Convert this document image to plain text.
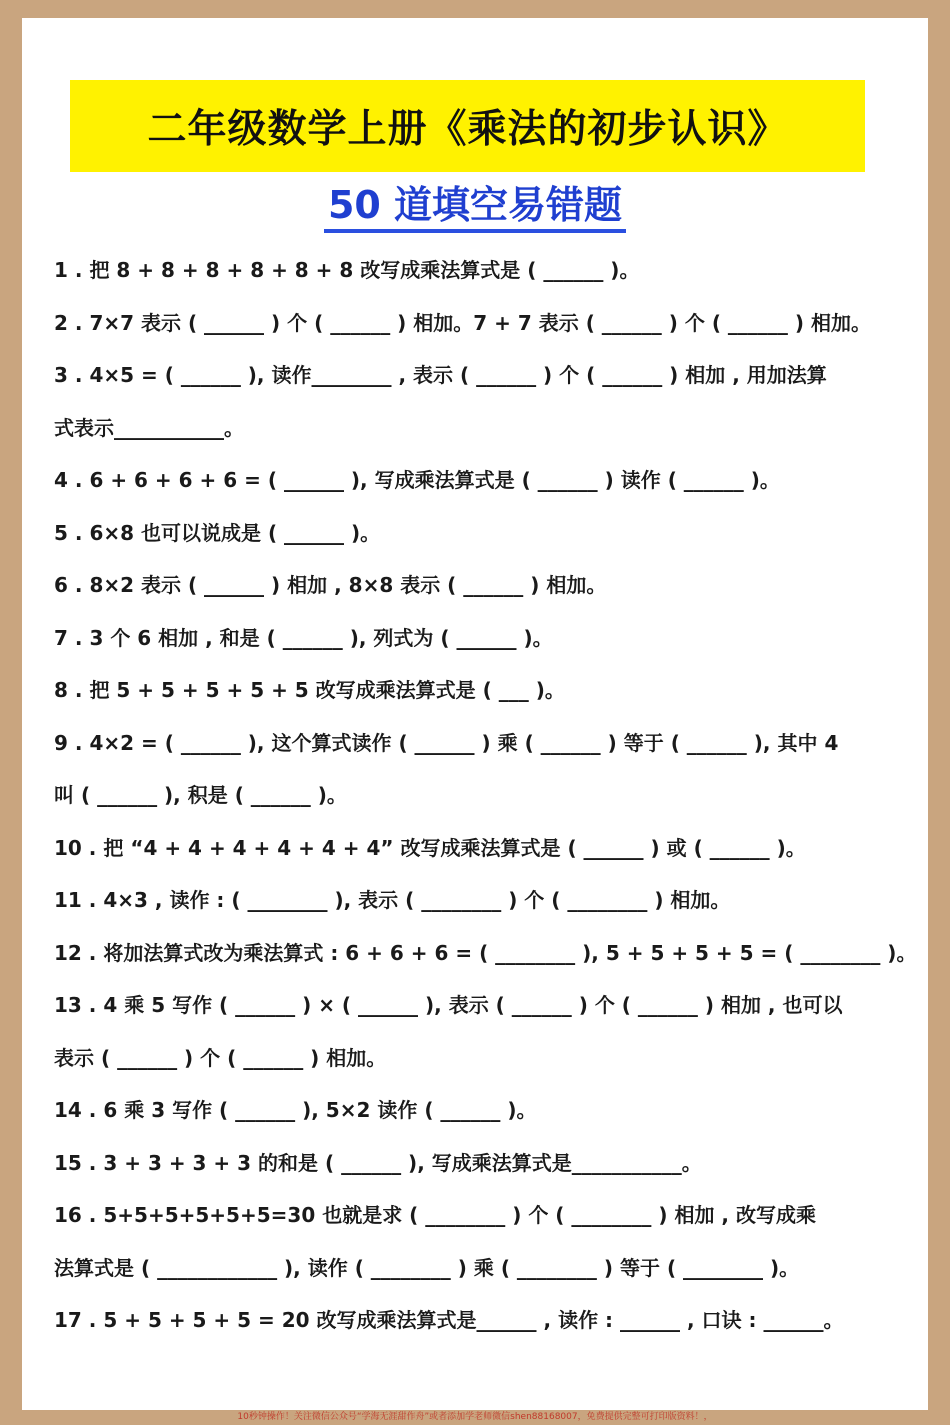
二年级数学上册《乘法的初步认识》
50 道填空易错题
1 . 把 8 + 8 + 8 + 8 + 8 + 8 改写成乘法算式是 ( ______ )。
2 . 7×7 表示 ( ______ ) 个 ( ______ ) 相加。7 + 7 表示 ( ______ ) 个 ( ______ ) 相加。
3 . 4×5 = ( ______ ), 读作________ , 表示 ( ______ ) 个 ( ______ ) 相加 , 用加法算
式表示___________。
4 . 6 + 6 + 6 + 6 = ( ______ ), 写成乘法算式是 ( ______ ) 读作 ( ______ )。
5 . 6×8 也可以说成是 ( ______ )。
6 . 8×2 表示 ( ______ ) 相加 , 8×8 表示 ( ______ ) 相加。
7 . 3 个 6 相加 , 和是 ( ______ ), 列式为 ( ______ )。
8 . 把 5 + 5 + 5 + 5 + 5 改写成乘法算式是 ( ___ )。
9 . 4×2 = ( ______ ), 这个算式读作 ( ______ ) 乘 ( ______ ) 等于 ( ______ ), 其中 4
叫 ( ______ ), 积是 ( ______ )。
10 . 把 “4 + 4 + 4 + 4 + 4 + 4” 改写成乘法算式是 ( ______ ) 或 ( ______ )。
11 . 4×3 , 读作 : ( ________ ), 表示 ( ________ ) 个 ( ________ ) 相加。
12 . 将加法算式改为乘法算式 : 6 + 6 + 6 = ( ________ ), 5 + 5 + 5 + 5 = ( ________ )。
13 . 4 乘 5 写作 ( ______ ) × ( ______ ), 表示 ( ______ ) 个 ( ______ ) 相加 , 也可以
表示 ( ______ ) 个 ( ______ ) 相加。
14 . 6 乘 3 写作 ( ______ ), 5×2 读作 ( ______ )。
15 . 3 + 3 + 3 + 3 的和是 ( ______ ), 写成乘法算式是___________。
16 . 5+5+5+5+5+5=30 也就是求 ( ________ ) 个 ( ________ ) 相加 , 改写成乘
法算式是 ( ____________ ), 读作 ( ________ ) 乘 ( ________ ) 等于 ( ________ )。
17 . 5 + 5 + 5 + 5 = 20 改写成乘法算式是______ , 读作 : ______ , 口诀 : ______。
10秒钟操作！关注微信公众号“学海无涯甜作舟”或者添加学老师微信shen88168007，免费提供完整可打印版资料！，
